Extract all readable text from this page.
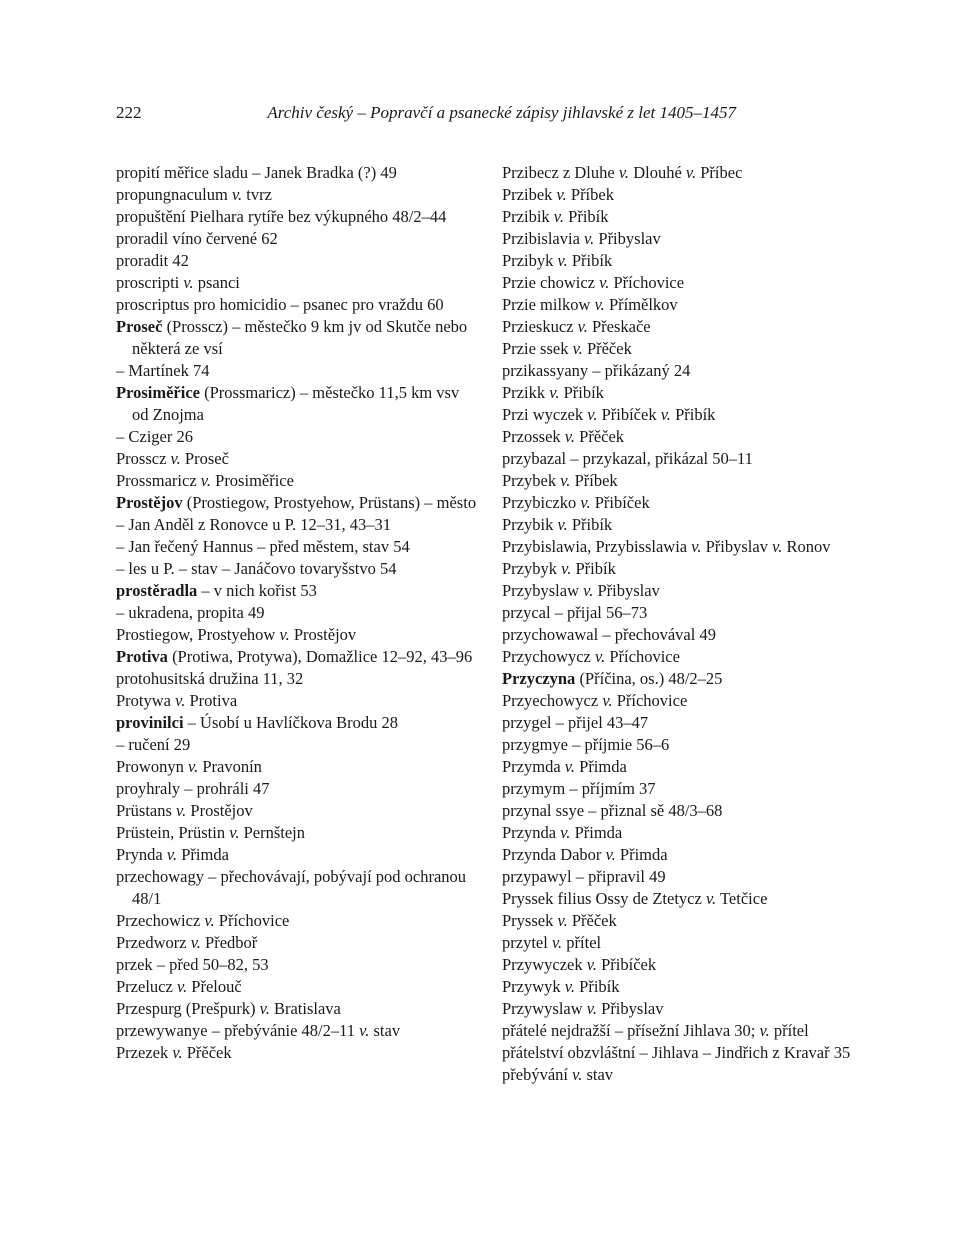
222	Archiv český – Popravčí a psanecké zápisy jihlavské z let 1405–1457
propití měřice sladu – Janek Bradka (?) 49
propungnaculum v. tvrz
propuštění Pielhara rytíře bez výkupného 48/2–44
proradil víno červené 62
proradit 42
proscripti v. psanci
proscriptus pro homicidio – psanec pro vraždu 60
Proseč (Prosscz) – městečko 9 km jv od Skutče nebo některá ze vsí
– Martínek 74
Prosiměřice (Prossmaricz) – městečko 11,5 km vsv od Znojma
– Cziger 26
Prosscz v. Proseč
Prossmaricz v. Prosiměřice
Prostějov (Prostiegow, Prostyehow, Prüstans) – město
– Jan Anděl z Ronovce u P. 12–31, 43–31
– Jan řečený Hannus – před městem, stav 54
– les u P. – stav – Janáčovo tovaryšstvo 54
prostěradla – v nich kořist 53
– ukradena, propita 49
Prostiegow, Prostyehow v. Prostějov
Protiva (Protiwa, Protywa), Domažlice 12–92, 43–96
protohusitská družina 11, 32
Protywa v. Protiva
provinilci – Úsobí u Havlíčkova Brodu 28
– ručení 29
Prowonyn v. Pravonín
proyhraly – prohráli 47
Prüstans v. Prostějov
Prüstein, Prüstin v. Pernštejn
Prynda v. Přimda
przechowagy – přechovávají, pobývají pod ochranou 48/1
Przechowicz v. Příchovice
Przedworz v. Předboř
przek – před 50–82, 53
Przelucz v. Přelouč
Przespurg (Prešpurk) v. Bratislava
przewywanye – přebývánie 48/2–11 v. stav
Przezek v. Přěček
Przibecz z Dluhe v. Dlouhé v. Příbec
Przibek v. Příbek
Przibik v. Přibík
Przibislavia v. Přibyslav
Przibyk v. Přibík
Przie chowicz v. Příchovice
Przie milkow v. Přímělkov
Przieskucz v. Přeskače
Przie ssek v. Přěček
przikassyany – přikázaný 24
Przikk v. Přibík
Przi wyczek v. Přibíček v. Přibík
Przossek v. Přěček
przybazal – przykazal, přikázal 50–11
Przybek v. Příbek
Przybiczko v. Přibíček
Przybik v. Přibík
Przybislawia, Przybisslawia v. Přibyslav v. Ronov
Przybyk v. Přibík
Przybyslaw v. Přibyslav
przycal – přijal 56–73
przychowawal – přechovával 49
Przychowycz v. Příchovice
Przyczyna (Příčina, os.) 48/2–25
Przyechowycz v. Příchovice
przygel – přijel 43–47
przygmye – příjmie 56–6
Przymda v. Přimda
przymym – příjmím 37
przynal ssye – přiznal sě 48/3–68
Przynda v. Přimda
Przynda Dabor v. Přimda
przypawyl – připravil 49
Pryssek filius Ossy de Ztetycz v. Tetčice
Pryssek v. Přěček
przytel v. přítel
Przywyczek v. Přibíček
Przywyk v. Přibík
Przywyslaw v. Přibyslav
přátelé nejdražší – přísežní Jihlava 30; v. přítel
přátelství obzvláštní – Jihlava – Jindřich z Kravař 35
přebývání v. stav
